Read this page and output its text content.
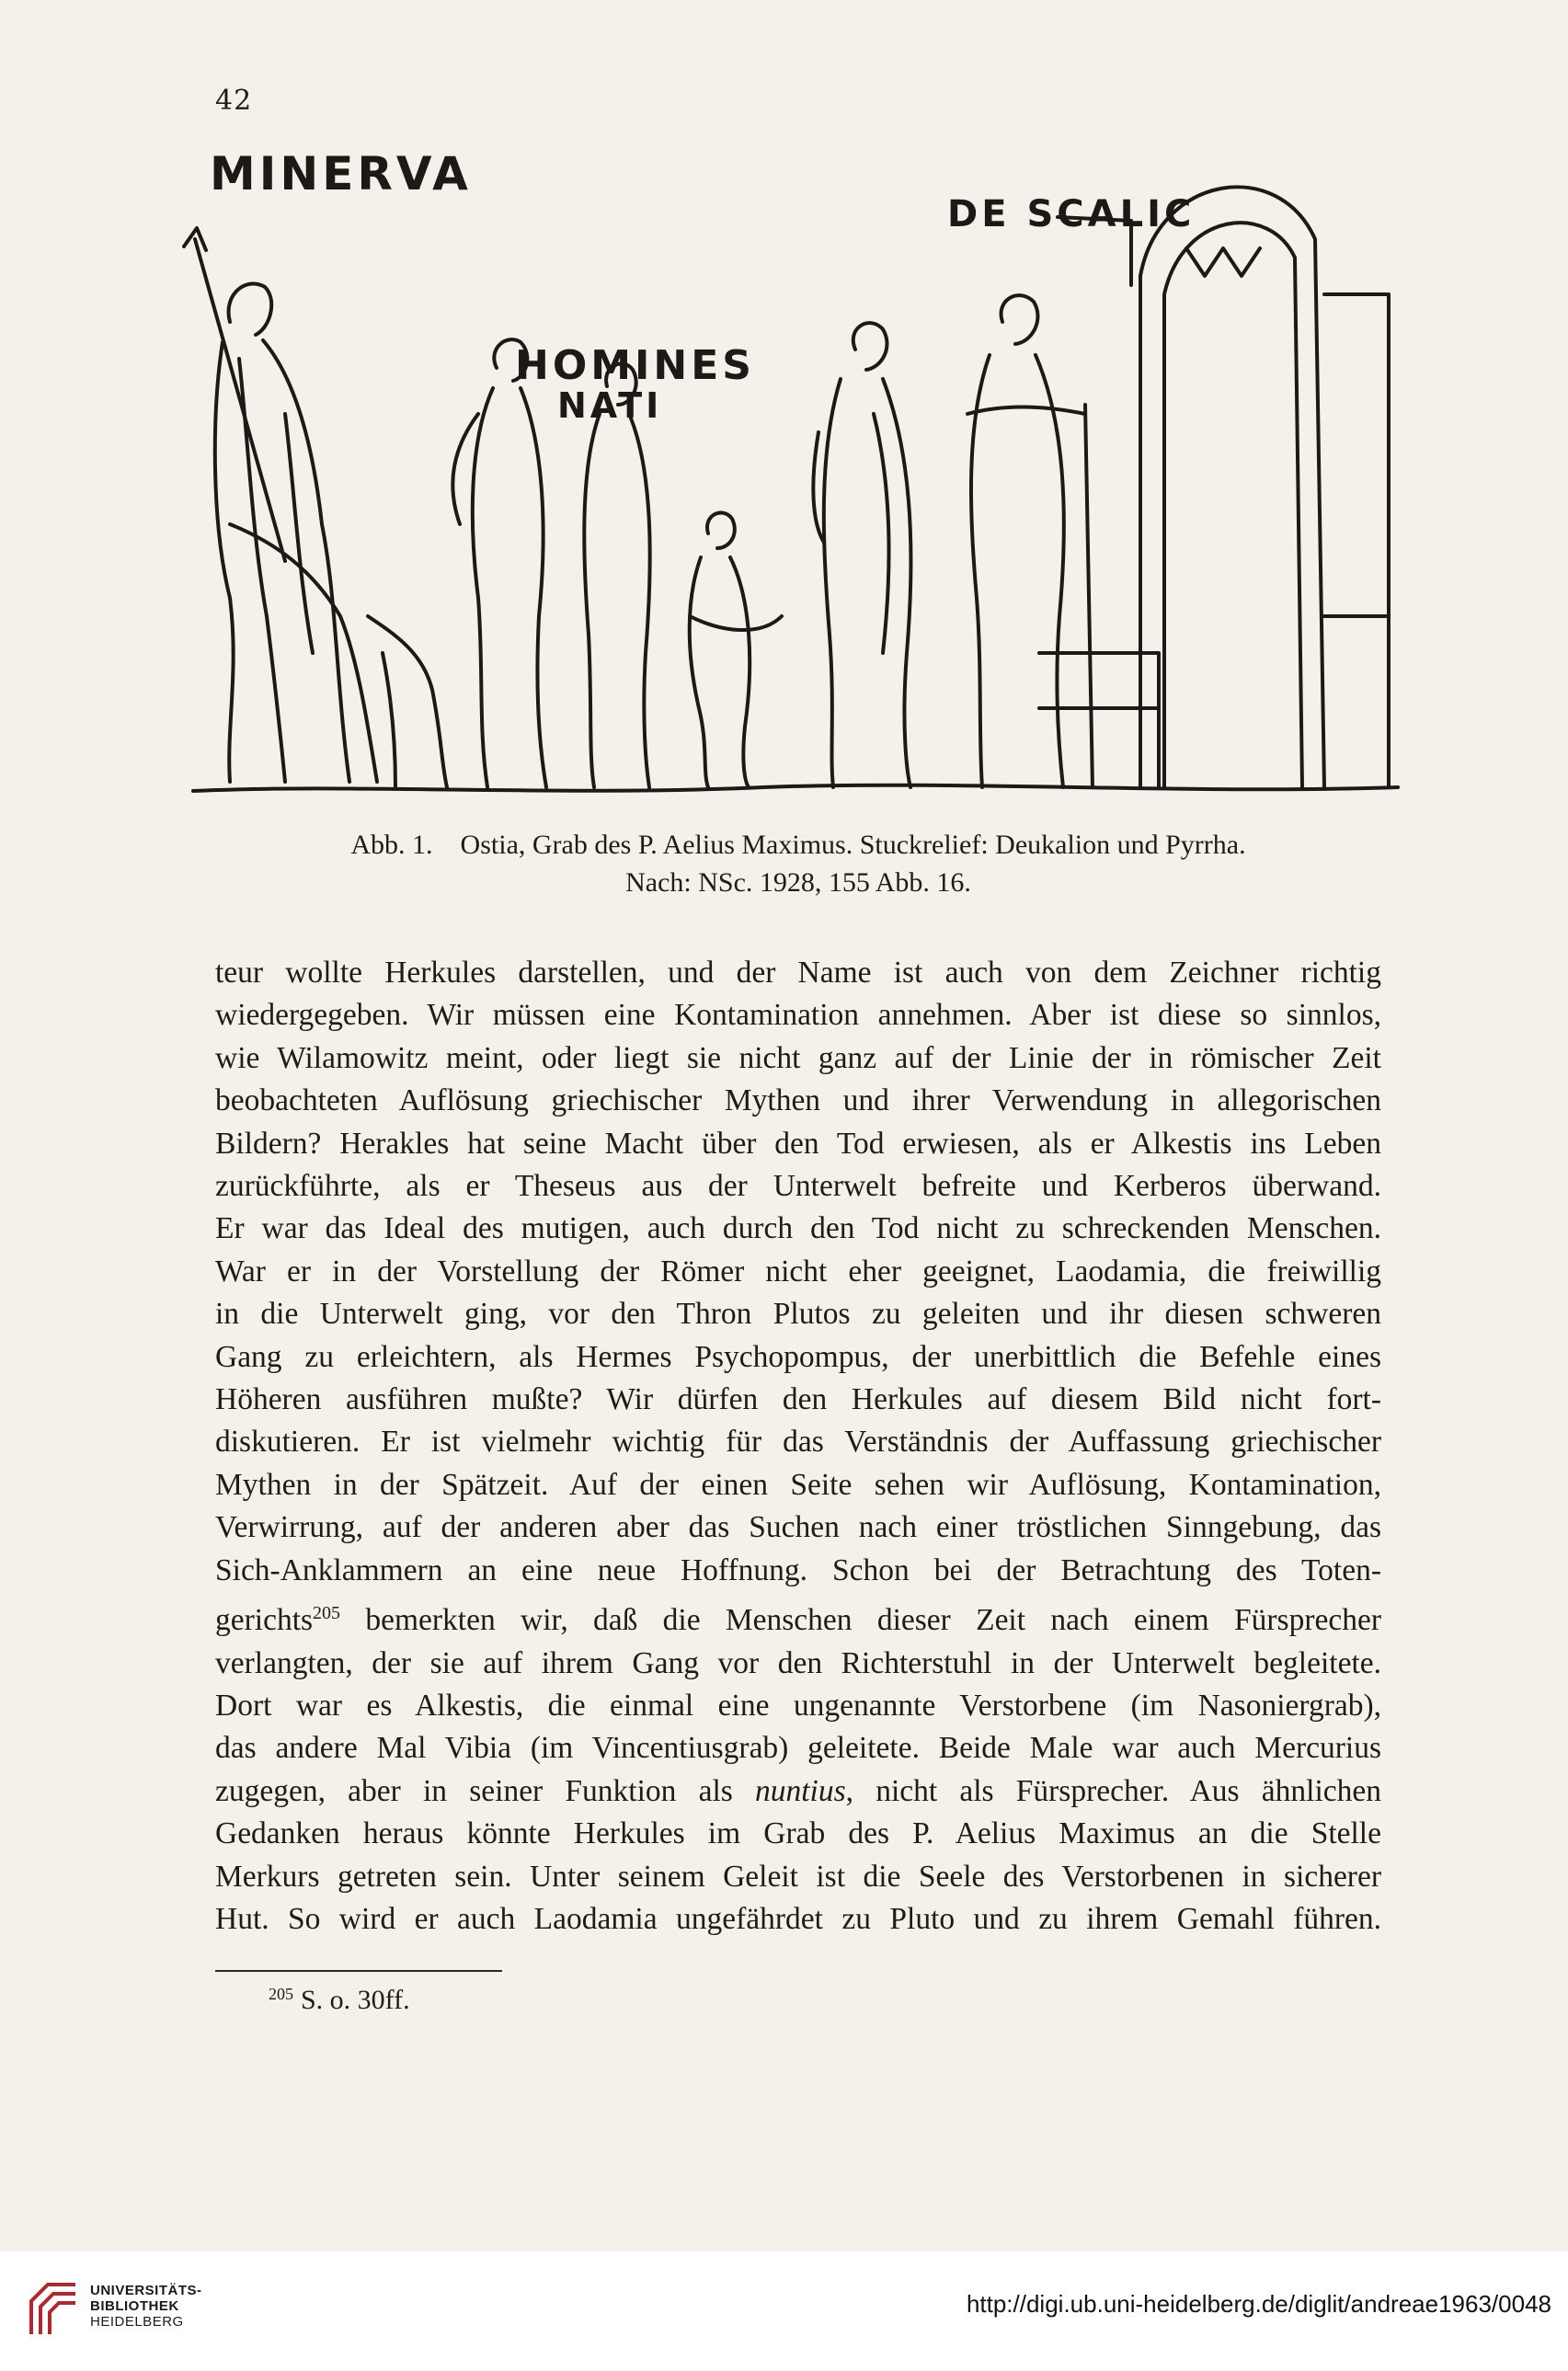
42
MINERVA
DE SCALIC
HOMINES
NATI
Abb. 1.    Ostia, Grab des P. Aelius Maximus. Stuckrelief: Deukalion und Pyrrha.
Nach: NSc. 1928, 155 Abb. 16.

teur wollte Herkules darstellen, und der Name ist auch von dem Zeichner richtig
wiedergegeben. Wir müssen eine Kontamination annehmen. Aber ist diese so sinnlos,
wie Wilamowitz meint, oder liegt sie nicht ganz auf der Linie der in römischer Zeit
beobachteten Auflösung griechischer Mythen und ihrer Verwendung in allegorischen
Bildern? Herakles hat seine Macht über den Tod erwiesen, als er Alkestis ins Leben
zurückführte, als er Theseus aus der Unterwelt befreite und Kerberos überwand.
Er war das Ideal des mutigen, auch durch den Tod nicht zu schreckenden Menschen.
War er in der Vorstellung der Römer nicht eher geeignet, Laodamia, die freiwillig
in die Unterwelt ging, vor den Thron Plutos zu geleiten und ihr diesen schweren
Gang zu erleichtern, als Hermes Psychopompus, der unerbittlich die Befehle eines
Höheren ausführen mußte? Wir dürfen den Herkules auf diesem Bild nicht fort-
diskutieren. Er ist vielmehr wichtig für das Verständnis der Auffassung griechischer
Mythen in der Spätzeit. Auf der einen Seite sehen wir Auflösung, Kontamination,
Verwirrung, auf der anderen aber das Suchen nach einer tröstlichen Sinngebung, das
Sich-Anklammern an eine neue Hoffnung. Schon bei der Betrachtung des Toten-
gerichts$^{205}$ bemerkten wir, daß die Menschen dieser Zeit nach einem Fürsprecher
verlangten, der sie auf ihrem Gang vor den Richterstuhl in der Unterwelt begleitete.
Dort war es Alkestis, die einmal eine ungenannte Verstorbene (im Nasoniergrab),
das andere Mal Vibia (im Vincentiusgrab) geleitete. Beide Male war auch Mercurius
zugegen, aber in seiner Funktion als nuntius, nicht als Fürsprecher. Aus ähnlichen
Gedanken heraus könnte Herkules im Grab des P. Aelius Maximus an die Stelle
Merkurs getreten sein. Unter seinem Geleit ist die Seele des Verstorbenen in sicherer
Hut. So wird er auch Laodamia ungefährdet zu Pluto und zu ihrem Gemahl führen.

$^{205}$ S. o. 30ff.
UNIVERSITÄTS-
BIBLIOTHEK
HEIDELBERG
http://digi.ub.uni-heidelberg.de/diglit/andreae1963/0048
